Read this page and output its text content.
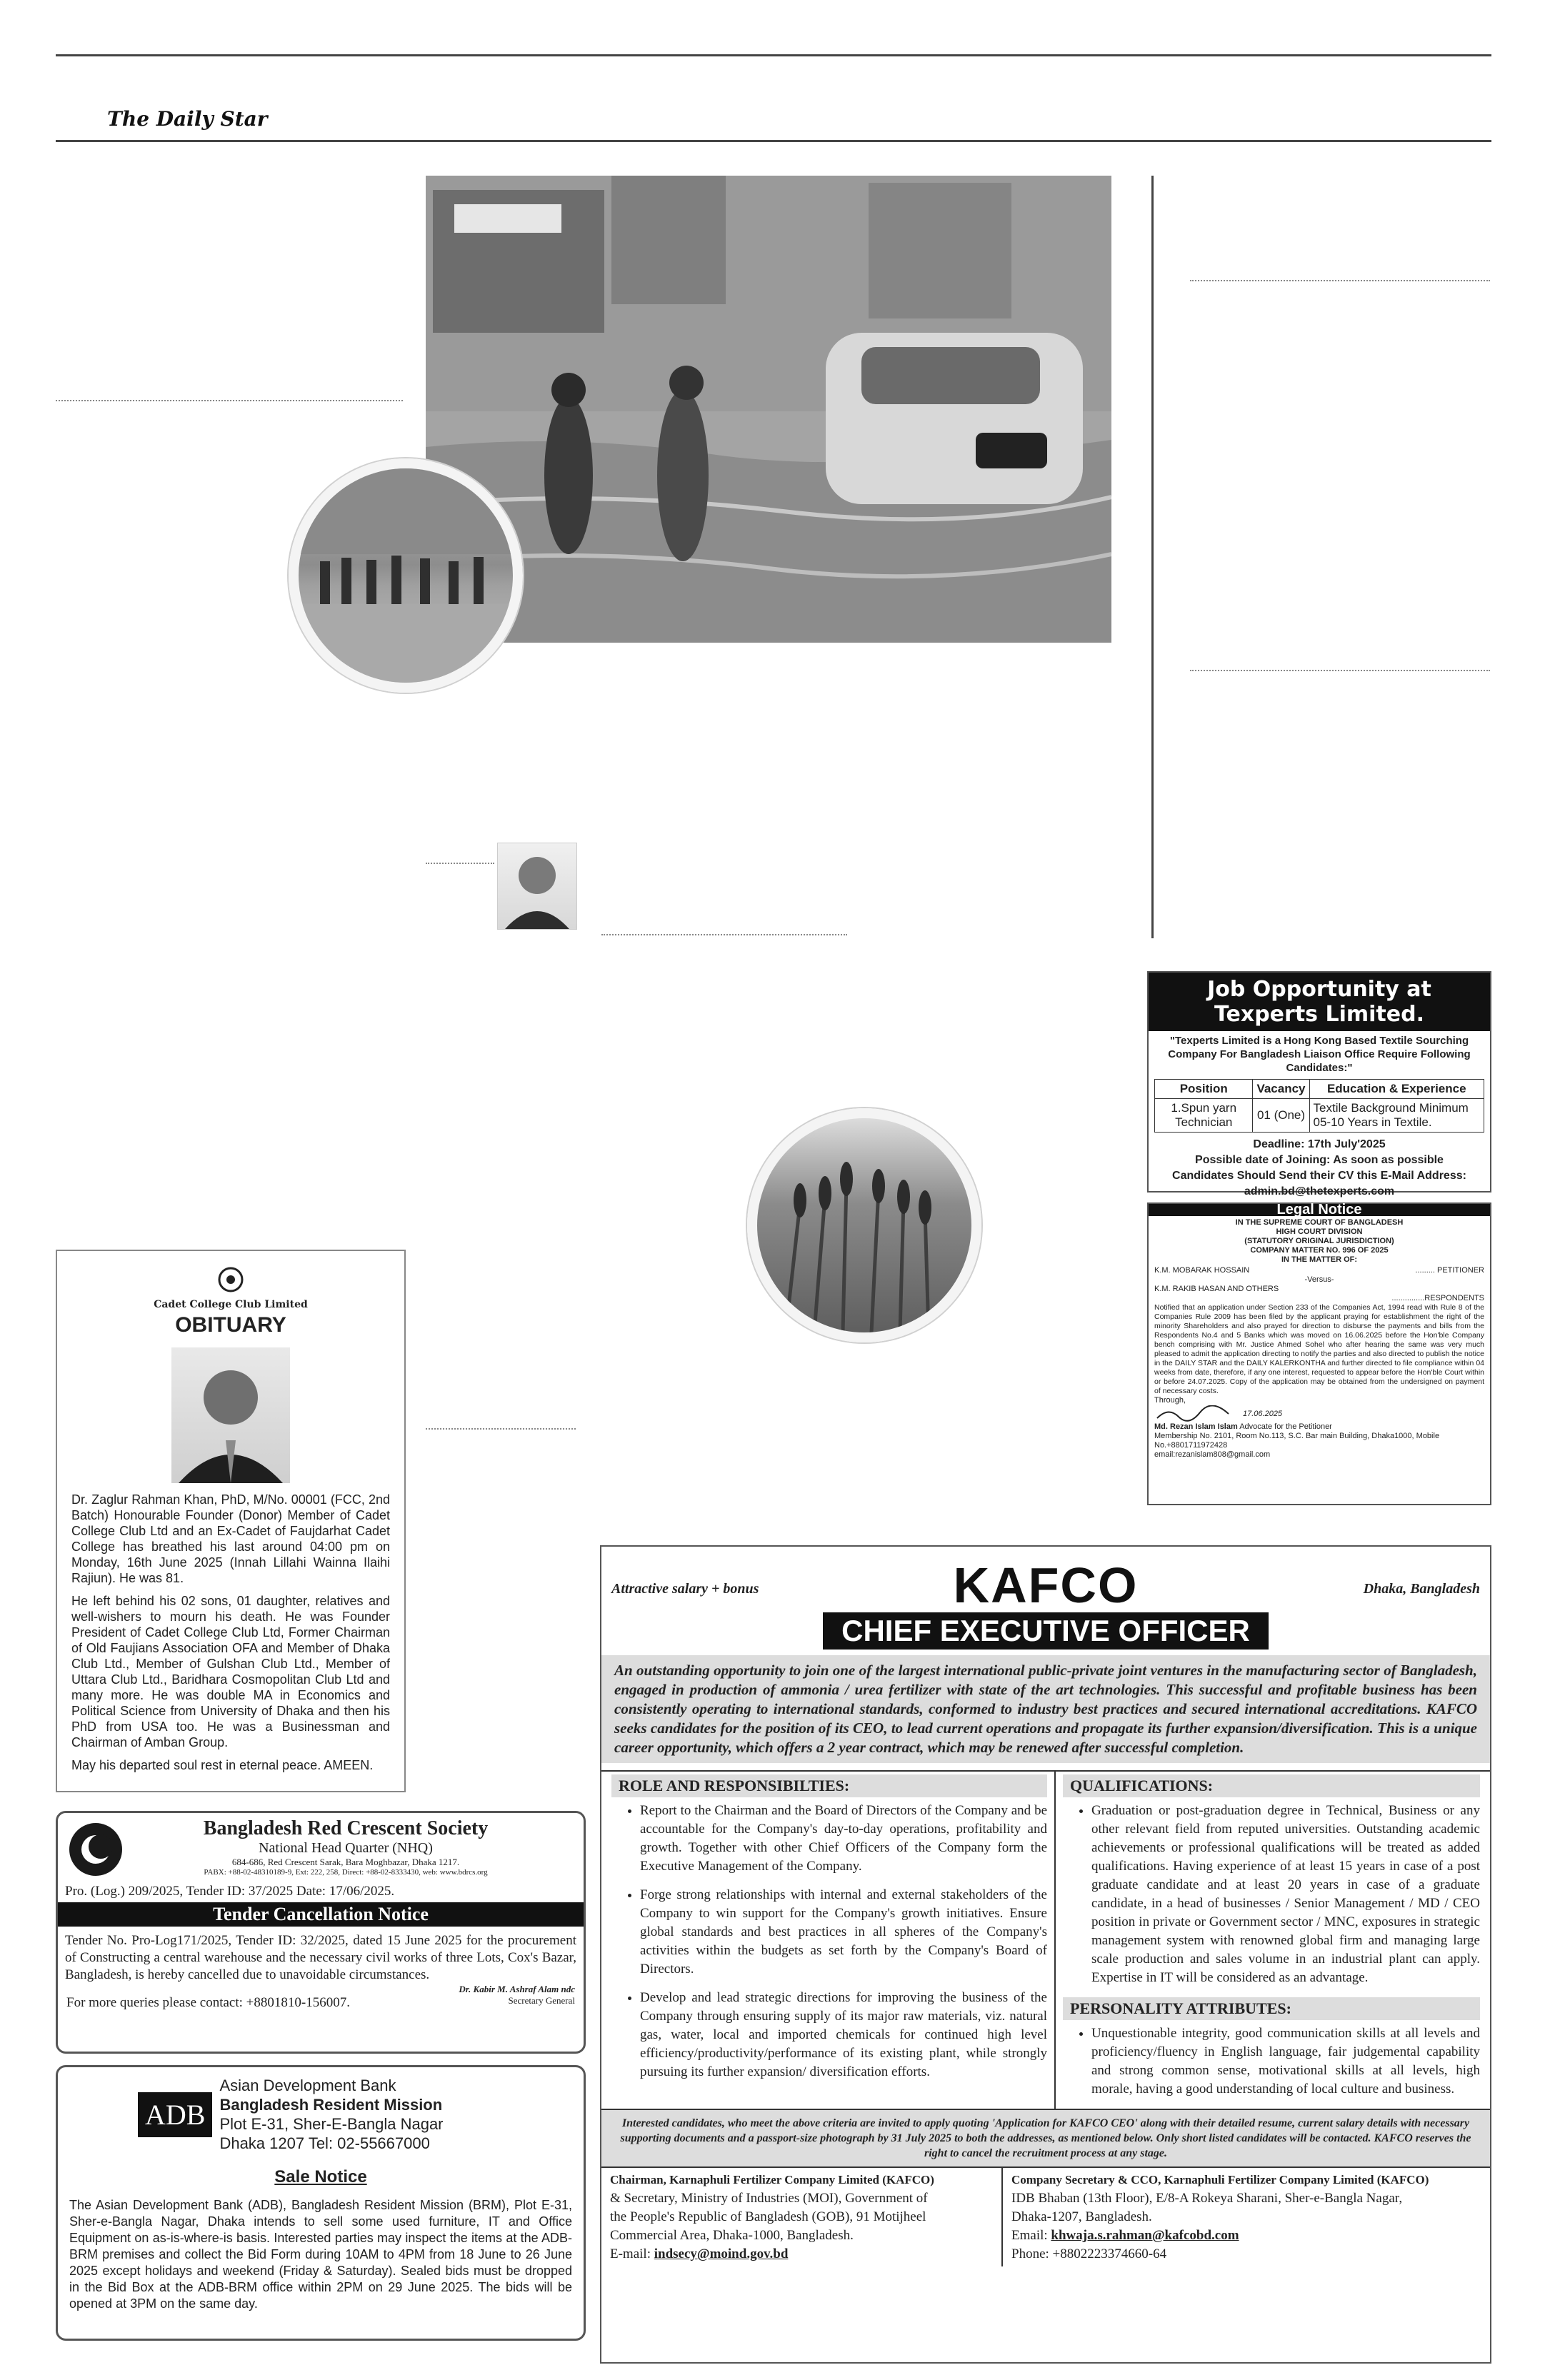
The Daily Star
Job Opportunity at Texperts Limited.
"Texperts Limited is a Hong Kong Based Textile Sourching Company For Bangladesh Liaison Office Require Following Candidates:"
Position	Vacancy	Education & Experience
1.Spun yarn Technician	01 (One)	Textile Background Minimum 05-10 Years in Textile.
Deadline: 17th July'2025
Possible date of Joining: As soon as possible
Candidates Should Send their CV this E-Mail Address:
admin.bd@thetexperts.com
Legal Notice
IN THE SUPREME COURT OF BANGLADESH
HIGH COURT DIVISION
(STATUTORY ORIGINAL JURISDICTION)
COMPANY MATTER NO. 996 OF 2025
IN THE MATTER OF:
K.M. MOBARAK HOSSAIN	......... PETITIONER
-Versus-
K.M. RAKIB HASAN AND OTHERS
...............RESPONDENTS
Notified that an application under Section 233 of the Companies Act, 1994 read with Rule 8 of the Companies Rule 2009 has been filed by the applicant praying for establishment the right of the minority Shareholders and also prayed for direction to disburse the payments and bills from the Respondents No.4 and 5 Banks which was moved on 16.06.2025 before the Hon'ble Company bench comprising with Mr. Justice Ahmed Sohel who after hearing the same was very much pleased to admit the application directing to notify the parties and also directed to publish the notice in the DAILY STAR and the DAILY KALERKONTHA and further directed to file compliance within 04 weeks from date, therefore, if any one interest, requested to appear before the Hon'ble Court within or before 24.07.2025. Copy of the application may be obtained from the undersigned on payment of necessary costs.
Through,
17.06.2025
Md. Rezan Islam Islam Advocate for the Petitioner
Membership No. 2101, Room No.113, S.C. Bar main Building, Dhaka1000, Mobile No.+8801711972428
email:rezanislam808@gmail.com
Cadet College Club Limited
OBITUARY

Dr. Zaglur Rahman Khan, PhD, M/No. 00001 (FCC, 2nd Batch) Honourable Founder (Donor) Member of Cadet College Club Ltd and an Ex-Cadet of Faujdarhat Cadet College has breathed his last around 04:00 pm on Monday, 16th June 2025 (Innah Lillahi Wainna Ilaihi Rajiun). He was 81.

He left behind his 02 sons, 01 daughter, relatives and well-wishers to mourn his death. He was Founder President of Cadet College Club Ltd, Former Chairman of Old Faujians Association OFA and Member of Dhaka Club Ltd., Member of Gulshan Club Ltd., Member of Uttara Club Ltd., Baridhara Cosmopolitan Club Ltd and many more. He was double MA in Economics and Political Science from University of Dhaka and then his PhD from USA too. He was a Businessman and Chairman of Amban Group.

May his departed soul rest in eternal peace. AMEEN.

Bangladesh Red Crescent Society
National Head Quarter (NHQ)
684-686, Red Crescent Sarak, Bara Moghbazar, Dhaka 1217.
PABX: +88-02-48310189-9, Ext: 222, 258, Direct: +88-02-8333430, web: www.bdrcs.org
Pro. (Log.) 209/2025, Tender ID: 37/2025 Date: 17/06/2025.
Tender Cancellation Notice
Tender No. Pro-Log171/2025, Tender ID: 32/2025, dated 15 June 2025 for the procurement of Constructing a central warehouse and the necessary civil works of three Lots, Cox's Bazar, Bangladesh, is hereby cancelled due to unavoidable circumstances.
Dr. Kabir M. Ashraf Alam ndc
For more queries please contact: +8801810-156007.	Secretary General
ADB
Asian Development Bank
Bangladesh Resident Mission
Plot E-31, Sher-E-Bangla Nagar
Dhaka 1207 Tel: 02-55667000
Sale Notice
The Asian Development Bank (ADB), Bangladesh Resident Mission (BRM), Plot E-31, Sher-e-Bangla Nagar, Dhaka intends to sell some used furniture, IT and Office Equipment on as-is-where-is basis. Interested parties may inspect the items at the ADB-BRM premises and collect the Bid Form during 10AM to 4PM from 18 June to 26 June 2025 except holidays and weekend (Friday & Saturday). Sealed bids must be dropped in the Bid Box at the ADB-BRM office within 2PM on 29 June 2025. The bids will be opened at 3PM on the same day.
Attractive salary + bonus	KAFCO	Dhaka, Bangladesh
CHIEF EXECUTIVE OFFICER
An outstanding opportunity to join one of the largest international public-private joint ventures in the manufacturing sector of Bangladesh, engaged in production of ammonia / urea fertilizer with state of the art technologies. This successful and profitable business has been consistently operating to international standards, conformed to industry best practices and secured international accreditations. KAFCO seeks candidates for the position of its CEO, to lead current operations and propagate its further expansion/diversification. This is a unique career opportunity, which offers a 2 year contract, which may be renewed after successful completion.
ROLE AND RESPONSIBILTIES:
• Report to the Chairman and the Board of Directors of the Company and be accountable for the Company's day-to-day operations, profitability and growth. Together with other Chief Officers of the Company form the Executive Management of the Company.
• Forge strong relationships with internal and external stakeholders of the Company to win support for the Company's growth initiatives. Ensure global standards and best practices in all spheres of the Company's activities within the budgets as set forth by the Company's Board of Directors.
• Develop and lead strategic directions for improving the business of the Company through ensuring supply of its major raw materials, viz. natural gas, water, local and imported chemicals for continued high level efficiency/productivity/performance of its existing plant, while strongly pursuing its further expansion/ diversification efforts.
QUALIFICATIONS:
• Graduation or post-graduation degree in Technical, Business or any other relevant field from reputed universities. Outstanding academic achievements or professional qualifications will be treated as added qualifications. Having experience of at least 15 years in case of a post graduate candidate and at least 20 years in case of a graduate candidate, in a head of businesses / Senior Management / MD / CEO position in private or Government sector / MNC, exposures in strategic management system with renowned global firm and managing large scale production and sales volume in an industrial plant can apply. Expertise in IT will be considered as an advantage.
PERSONALITY ATTRIBUTES:
• Unquestionable integrity, good communication skills at all levels and proficiency/fluency in English language, fair judgemental capability and strong common sense, motivational skills at all levels, high morale, having a good understanding of local culture and business.
Interested candidates, who meet the above criteria are invited to apply quoting 'Application for KAFCO CEO' along with their detailed resume, current salary details with necessary supporting documents and a passport-size photograph by 31 July 2025 to both the addresses, as mentioned below. Only short listed candidates will be contacted. KAFCO reserves the right to cancel the recruitment process at any stage.
Chairman, Karnaphuli Fertilizer Company Limited (KAFCO)
& Secretary, Ministry of Industries (MOI), Government of
the People's Republic of Bangladesh (GOB), 91 Motijheel
Commercial Area, Dhaka-1000, Bangladesh.
E-mail: indsecy@moind.gov.bd
Company Secretary & CCO, Karnaphuli Fertilizer Company Limited (KAFCO)
IDB Bhaban (13th Floor), E/8-A Rokeya Sharani, Sher-e-Bangla Nagar,
Dhaka-1207, Bangladesh.
Email: khwaja.s.rahman@kafcobd.com
Phone: +8802223374660-64
